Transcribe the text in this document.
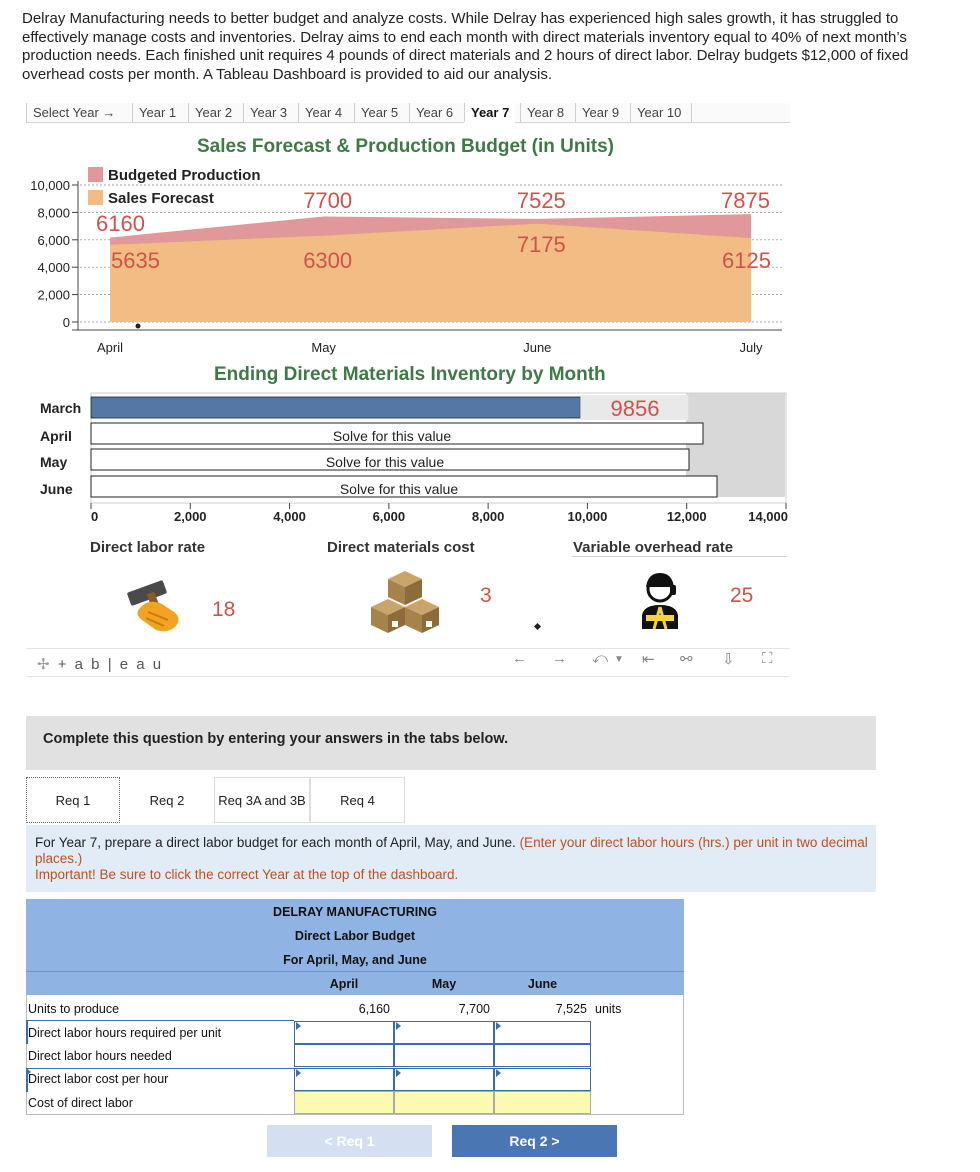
Delray Manufacturing needs to better budget and analyze costs. While Delray has experienced high sales growth, it has struggled to effectively manage costs and inventories. Delray aims to end each month with direct materials inventory equal to 40% of next month’s production needs. Each finished unit requires 4 pounds of direct materials and 2 hours of direct labor. Delray budgets $12,000 of fixed overhead costs per month. A Tableau Dashboard is provided to aid our analysis.

Select Year →	Year 1	Year 2	Year 3	Year 4	Year 5	Year 6	Year 7	Year 8	Year 9	Year 10
Sales Forecast & Production Budget (in Units)
Ending Direct Materials Inventory by Month
0
2,000
4,000
6,000
8,000
10,000
April	May	June	July
6160
7700	7525	7875
5635	6300
7175
6125
Budgeted Production
Sales Forecast
March
April
May
June
9856
Solve for this value
Solve for this value
Solve for this value
0	2,000	4,000	6,000	8,000	10,000	12,000	14,000
Direct labor rate	Direct materials cost	Variable overhead rate
18
3	25
✢ + a b | e a u	← → ⤺ ▼ ⇤ ⚯ ⇩ ⛶
Complete this question by entering your answers in the tabs below.
Req 1	Req 2	Req 3A and 3B	Req 4
For Year 7, prepare a direct labor budget for each month of April, May, and June. (Enter your direct labor hours (hrs.) per unit in two decimal places.)
Important! Be sure to click the correct Year at the top of the dashboard.
DELRAY MANUFACTURING
Direct Labor Budget
For April, May, and June
April	May	June
Units to produce	6,160	7,700	7,525 units
Direct labor hours required per unit
Direct labor hours needed
Direct labor cost per hour
Cost of direct labor
< Req 1	Req 2 >
